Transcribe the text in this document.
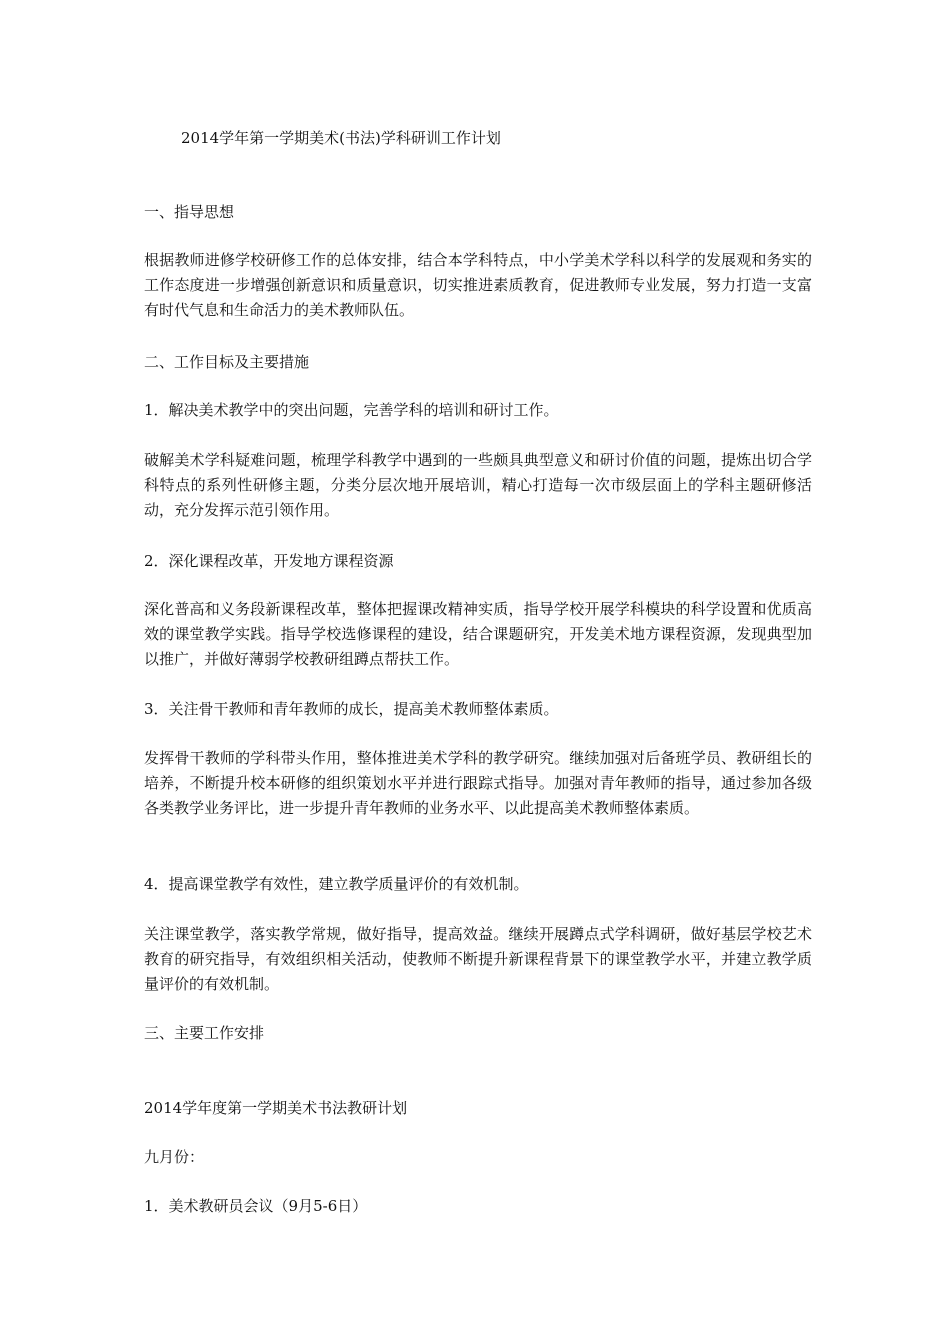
2014学年第一学期美术(书法)学科研训工作计划

一、指导思想

根据教师进修学校研修工作的总体安排，结合本学科特点，中小学美术学科以科学的发展观和务实的工作态度进一步增强创新意识和质量意识，切实推进素质教育，促进教师专业发展，努力打造一支富有时代气息和生命活力的美术教师队伍。

二、工作目标及主要措施

1．解决美术教学中的突出问题，完善学科的培训和研讨工作。

破解美术学科疑难问题，梳理学科教学中遇到的一些颇具典型意义和研讨价值的问题，提炼出切合学科特点的系列性研修主题，分类分层次地开展培训，精心打造每一次市级层面上的学科主题研修活动，充分发挥示范引领作用。

2．深化课程改革，开发地方课程资源

深化普高和义务段新课程改革，整体把握课改精神实质，指导学校开展学科模块的科学设置和优质高效的课堂教学实践。指导学校选修课程的建设，结合课题研究，开发美术地方课程资源，发现典型加以推广，并做好薄弱学校教研组蹲点帮扶工作。

3．关注骨干教师和青年教师的成长，提高美术教师整体素质。

发挥骨干教师的学科带头作用，整体推进美术学科的教学研究。继续加强对后备班学员、教研组长的培养，不断提升校本研修的组织策划水平并进行跟踪式指导。加强对青年教师的指导，通过参加各级各类教学业务评比，进一步提升青年教师的业务水平、以此提高美术教师整体素质。

4．提高课堂教学有效性，建立教学质量评价的有效机制。

关注课堂教学，落实教学常规，做好指导，提高效益。继续开展蹲点式学科调研，做好基层学校艺术教育的研究指导，有效组织相关活动，使教师不断提升新课程背景下的课堂教学水平，并建立教学质量评价的有效机制。

三、主要工作安排

2014学年度第一学期美术书法教研计划

九月份：

1．美术教研员会议（9月5-6日）
